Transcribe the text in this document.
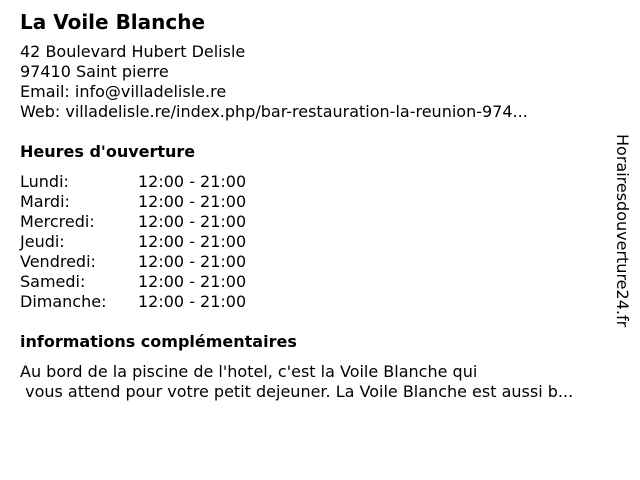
La Voile Blanche
42 Boulevard Hubert Delisle
97410 Saint pierre
Email: info@villadelisle.re
Web: villadelisle.re/index.php/bar-restauration-la-reunion-974...
Heures d'ouverture
Lundi:	12:00 - 21:00
Mardi:	12:00 - 21:00
Mercredi:	12:00 - 21:00
Jeudi:	12:00 - 21:00
Vendredi:	12:00 - 21:00
Samedi:	12:00 - 21:00
Dimanche:	12:00 - 21:00
informations complémentaires
Au bord de la piscine de l'hotel, c'est la Voile Blanche qui
vous attend pour votre petit dejeuner. La Voile Blanche est aussi b...
Horairesdouverture24.fr
